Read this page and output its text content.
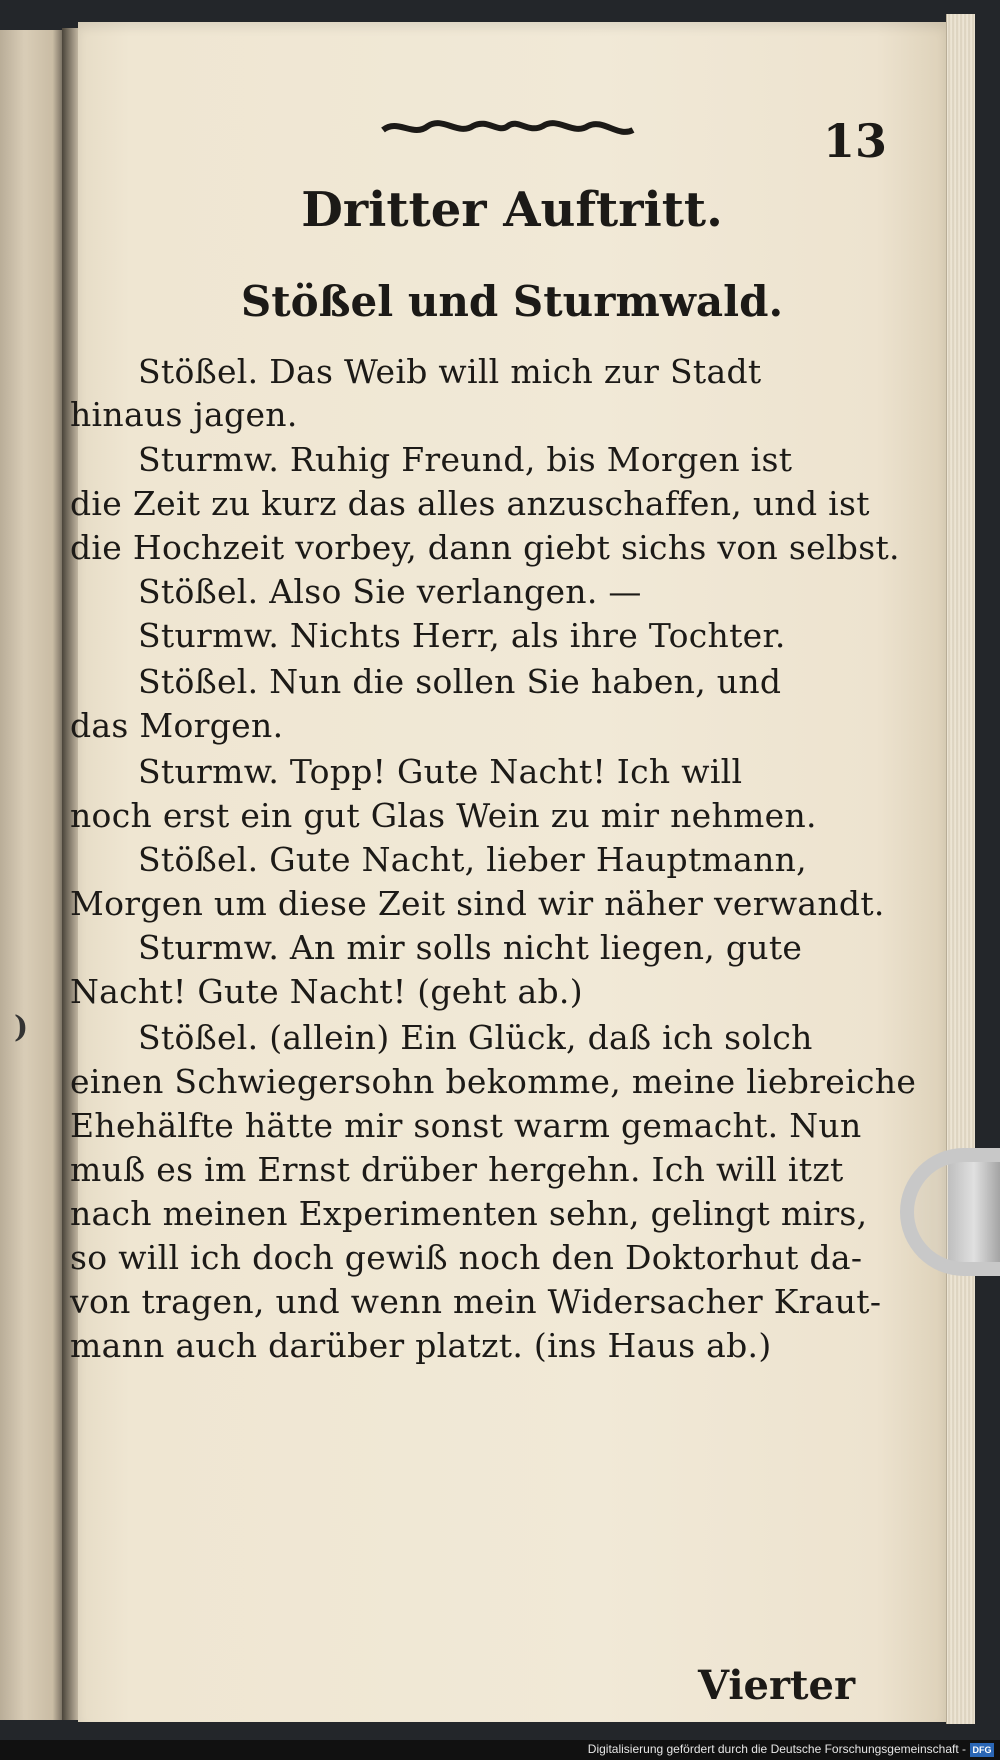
)
13
Dritter Auftritt.
Stößel und Sturmwald.
Stößel. Das Weib will mich zur Stadt
hinaus jagen.
Sturmw. Ruhig Freund, bis Morgen ist
die Zeit zu kurz das alles anzuschaffen, und ist
die Hochzeit vorbey, dann giebt sichs von selbst.
Stößel. Also Sie verlangen. —
Sturmw. Nichts Herr, als ihre Tochter.
Stößel. Nun die sollen Sie haben, und
das Morgen.
Sturmw. Topp! Gute Nacht! Ich will
noch erst ein gut Glas Wein zu mir nehmen.
Stößel. Gute Nacht, lieber Hauptmann,
Morgen um diese Zeit sind wir näher verwandt.
Sturmw. An mir solls nicht liegen, gute
Nacht! Gute Nacht! (geht ab.)
Stößel. (allein) Ein Glück, daß ich solch
einen Schwiegersohn bekomme, meine liebreiche
Ehehälfte hätte mir sonst warm gemacht. Nun
muß es im Ernst drüber hergehn. Ich will itzt
nach meinen Experimenten sehn, gelingt mirs,
so will ich doch gewiß noch den Doktorhut da-
von tragen, und wenn mein Widersacher Kraut-
mann auch darüber platzt. (ins Haus ab.)
Vierter
Digitalisierung gefördert durch die Deutsche Forschungsgemeinschaft - DFG
